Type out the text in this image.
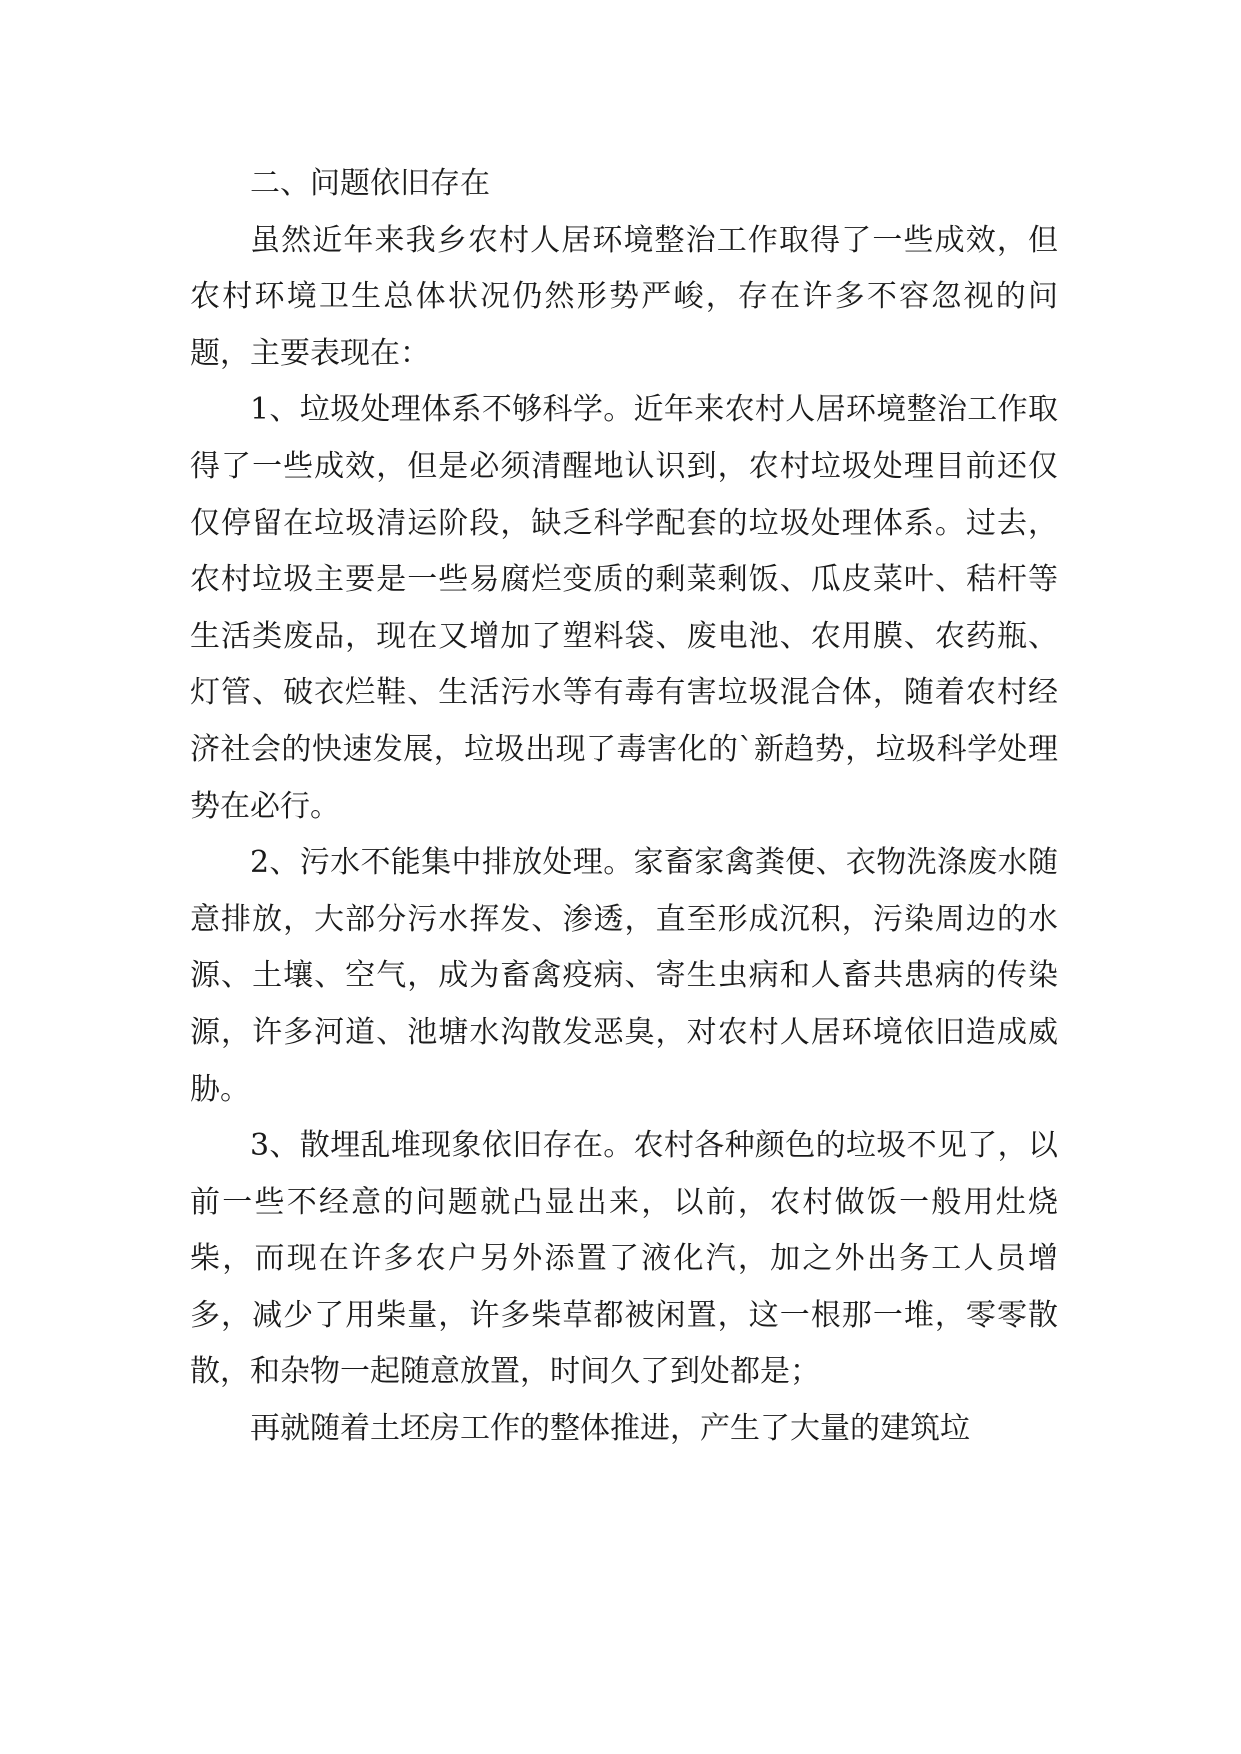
二、问题依旧存在

虽然近年来我乡农村人居环境整治工作取得了一些成效，但农村环境卫生总体状况仍然形势严峻，存在许多不容忽视的问题，主要表现在：

1、垃圾处理体系不够科学。近年来农村人居环境整治工作取得了一些成效，但是必须清醒地认识到，农村垃圾处理目前还仅仅停留在垃圾清运阶段，缺乏科学配套的垃圾处理体系。过去，农村垃圾主要是一些易腐烂变质的剩菜剩饭、瓜皮菜叶、秸杆等生活类废品，现在又增加了塑料袋、废电池、农用膜、农药瓶、灯管、破衣烂鞋、生活污水等有毒有害垃圾混合体，随着农村经济社会的快速发展，垃圾出现了毒害化的`新趋势，垃圾科学处理势在必行。

2、污水不能集中排放处理。家畜家禽粪便、衣物洗涤废水随意排放，大部分污水挥发、渗透，直至形成沉积，污染周边的水源、土壤、空气，成为畜禽疫病、寄生虫病和人畜共患病的传染源，许多河道、池塘水沟散发恶臭，对农村人居环境依旧造成威胁。

3、散埋乱堆现象依旧存在。农村各种颜色的垃圾不见了，以前一些不经意的问题就凸显出来，以前，农村做饭一般用灶烧柴，而现在许多农户另外添置了液化汽，加之外出务工人员增多，减少了用柴量，许多柴草都被闲置，这一根那一堆，零零散散，和杂物一起随意放置，时间久了到处都是；

再就随着土坯房工作的整体推进，产生了大量的建筑垃
